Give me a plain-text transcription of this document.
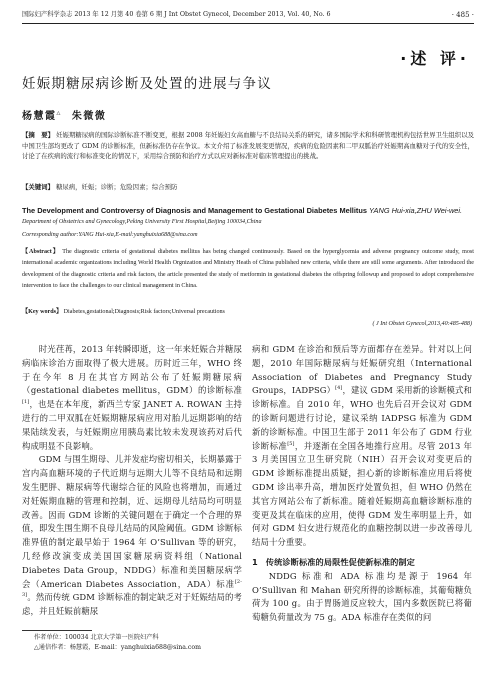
国际妇产科学杂志 2013 年 12 月第 40 卷第 6 期 J Int Obstet Gynecol, December 2013, Vol. 40, No. 6	· 485 ·
·述 评·
妊娠期糖尿病诊断及处置的进展与争议
杨慧霞△ 朱微微
【摘　要】 妊娠期糖尿病的国际诊断标准不断变更，根据 2008 年妊娠妇女高血糖与不良结局关系的研究，诸多国际学术和科研管理机构包括世界卫生组织以及中国卫生部均更改了 GDM 的诊断标准，但新标准仍存在争议。本文介绍了标准发展变更情况，疾病的危险因素和二甲双胍治疗妊娠期高血糖对子代的安全性，讨论了在疾病的流行和标准变化的情况下，采用综合预防和治疗方式以应对新标准对临床管理提出的挑战。
【关键词】 糖尿病，妊娠；诊断；危险因素；综合预防
The Development and Controversy of Diagnosis and Management to Gestational Diabetes Mellitus YANG Hui-xia,ZHU Wei-wei.
Department of Obstetrics and Gynecology,Peking University First Hospital,Beijing 100034,China
Corresponding author:YANG Hui-xia,E-mail:yanghuixia688@sina.com
【Abstract】 The diagnostic criteria of gestational diabetes mellitus has being changed continuously. Based on the hyperglycemia and adverse pregnancy outcome study, most international academic organizations including World Health Orgnization and Ministry Heath of China published new criteria, while there are still some arguments. After introduced the development of the diagnostic criteria and risk factors, the article presented the study of metformin in gestational diabetes the offspring followup and proposed to adopt comprehensive intervention to face the challenges to our clinical management in China.
【Key words】 Diabetes,gestational;Diagnosis;Risk factors;Universal precautions
( J Int Obstet Gynecol,2013,40:485-488)

时光荏苒，2013 年转瞬即逝，这一年来妊娠合并糖尿病临床诊治方面取得了极大进展。历时近三年，WHO 终于在今年 8 月在其官方网站公布了妊娠期糖尿病（gestational diabetes mellitus，GDM）的诊断标准[1]，也是在本年度，新西兰专家 JANET A. ROWAN 主持进行的二甲双胍在妊娠期糖尿病应用对胎儿远期影响的结果陆续发表，与妊娠期应用胰岛素比较未发现该药对后代构成明显不良影响。

GDM 与围生期母、儿并发症均密切相关，长期暴露于宫内高血糖环境的子代近期与远期大儿等不良结局和远期发生肥胖、糖尿病等代谢综合征的风险也将增加，而通过对妊娠期血糖的管理和控制，近、远期母儿结局均可明显改善。因而 GDM 诊断的关键问题在于确定一个合理的界值，即发生围生期不良母儿结局的风险阈值。GDM 诊断标准界值的制定最早始于 1964 年 O’Sullivan 等的研究，几经修改演变成美国国家糖尿病资料组（National Diabetes Data Group，NDDG）标准和美国糖尿病学会（American Diabetes Association，ADA）标准[2-3]。然而传统 GDM 诊断标准的制定缺乏对于妊娠结局的考虑，并且妊娠前糖尿

病和 GDM 在诊治和预后等方面都存在差异。针对以上问题，2010 年国际糖尿病与妊娠研究组（International Association of Diabetes and Pregnancy Study Groups，IADPSG）[4]，建议 GDM 采用新的诊断模式和诊断标准。自 2010 年，WHO 也先后召开会议对 GDM 的诊断问题进行讨论，建议采纳 IADPSG 标准为 GDM 新的诊断标准。中国卫生部于 2011 年公布了 GDM 行业诊断标准[5]，并逐渐在全国各地推行应用。尽管 2013 年 3 月美国国立卫生研究院（NIH）召开会议对变更后的 GDM 诊断标准提出质疑，担心新的诊断标准应用后将使 GDM 诊出率升高，增加医疗处置负担，但 WHO 仍然在其官方网站公布了新标准。随着妊娠期高血糖诊断标准的变更及其在临床的应用，使得 GDM 发生率明显上升，如何对 GDM 妇女进行规范化的血糖控制以进一步改善母儿结局十分重要。

1 传统诊断标准的局限性促使新标准的制定

NDDG 标准和 ADA 标准均是源于 1964 年 O’Sullivan 和 Mahan 研究所得的诊断标准，其葡萄糖负荷为 100 g。由于胃肠道反应较大，国内多数医院已将葡萄糖负荷量改为 75 g。ADA 标准存在类似的问

作者单位：100034 北京大学第一医院妇产科
△通信作者：杨慧霞，E-mail：yanghuixia688@sina.com
